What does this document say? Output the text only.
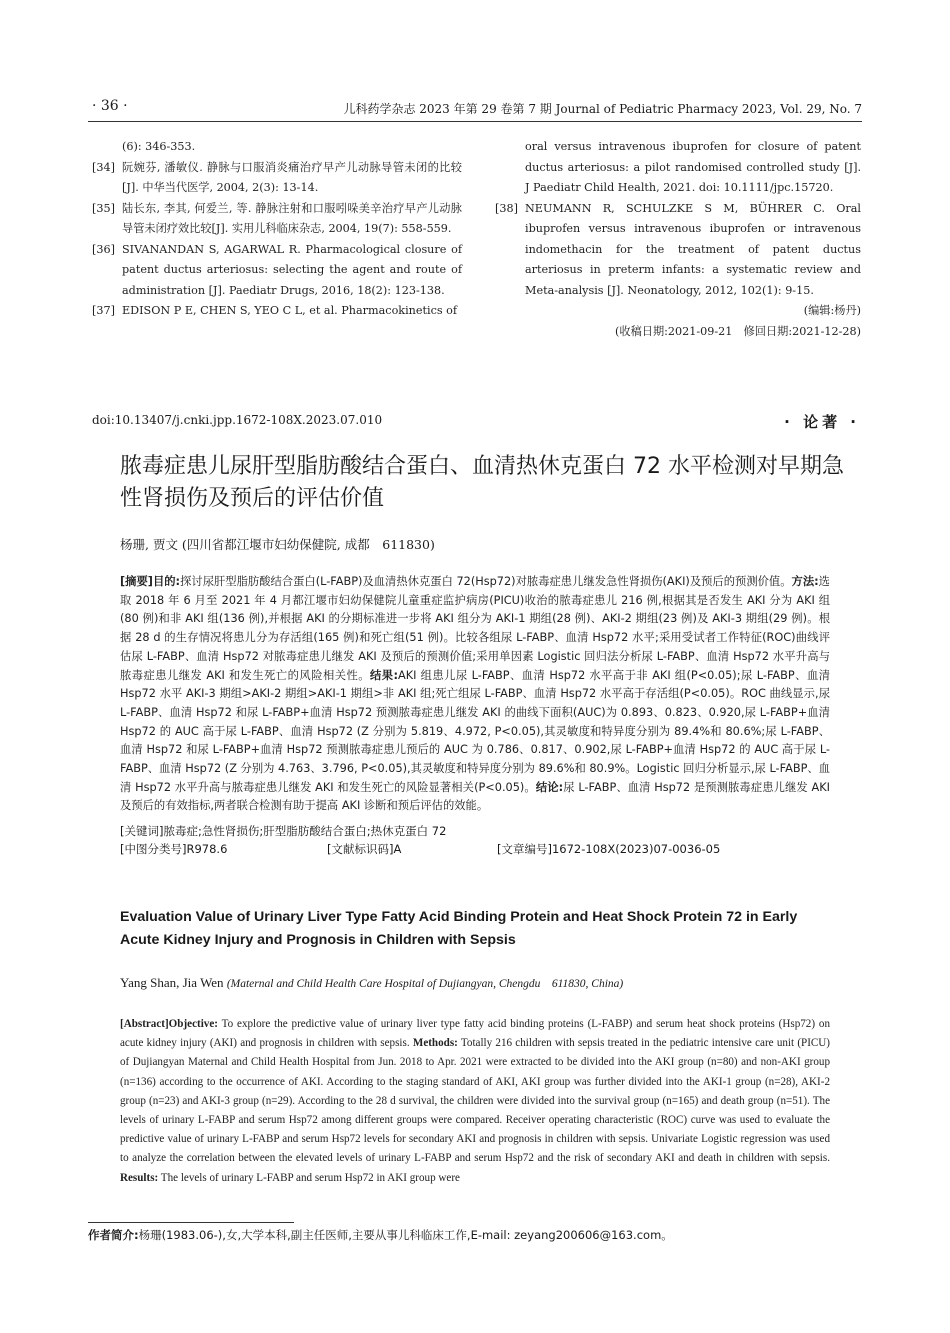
· 36 ·	儿科药学杂志 2023 年第 29 卷第 7 期 Journal of Pediatric Pharmacy 2023, Vol. 29, No. 7
(6): 346-353.
[34] 阮婉芬, 潘敏仪. 静脉与口服消炎痛治疗早产儿动脉导管未闭的比较[J]. 中华当代医学, 2004, 2(3): 13-14.
[35] 陆长东, 李其, 何爱兰, 等. 静脉注射和口服吲哚美辛治疗早产儿动脉导管未闭疗效比较[J]. 实用儿科临床杂志, 2004, 19(7): 558-559.
[36] SIVANANDAN S, AGARWAL R. Pharmacological closure of patent ductus arteriosus: selecting the agent and route of administration [J]. Paediatr Drugs, 2016, 18(2): 123-138.
[37] EDISON P E, CHEN S, YEO C L, et al. Pharmacokinetics of
oral versus intravenous ibuprofen for closure of patent ductus arteriosus: a pilot randomised controlled study [J]. J Paediatr Child Health, 2021. doi: 10.1111/jpc.15720.
[38] NEUMANN R, SCHULZKE S M, BÜHRER C. Oral ibuprofen versus intravenous ibuprofen or intravenous indomethacin for the treatment of patent ductus arteriosus in preterm infants: a systematic review and Meta-analysis [J]. Neonatology, 2012, 102(1): 9-15.
(编辑:杨丹)
(收稿日期:2021-09-21　修回日期:2021-12-28)
doi:10.13407/j.cnki.jpp.1672-108X.2023.07.010	· 论著 ·
脓毒症患儿尿肝型脂肪酸结合蛋白、血清热休克蛋白 72 水平检测对早期急性肾损伤及预后的评估价值
杨珊, 贾文 (四川省都江堰市妇幼保健院, 成都　611830)
[摘要]目的:探讨尿肝型脂肪酸结合蛋白(L-FABP)及血清热休克蛋白 72(Hsp72)对脓毒症患儿继发急性肾损伤(AKI)及预后的预测价值。方法:选取 2018 年 6 月至 2021 年 4 月都江堰市妇幼保健院儿童重症监护病房(PICU)收治的脓毒症患儿 216 例,根据其是否发生 AKI 分为 AKI 组(80 例)和非 AKI 组(136 例),并根据 AKI 的分期标准进一步将 AKI 组分为 AKI-1 期组(28 例)、AKI-2 期组(23 例)及 AKI-3 期组(29 例)。根据 28 d 的生存情况将患儿分为存活组(165 例)和死亡组(51 例)。比较各组尿 L-FABP、血清 Hsp72 水平;采用受试者工作特征(ROC)曲线评估尿 L-FABP、血清 Hsp72 对脓毒症患儿继发 AKI 及预后的预测价值;采用单因素 Logistic 回归法分析尿 L-FABP、血清 Hsp72 水平升高与脓毒症患儿继发 AKI 和发生死亡的风险相关性。结果:AKI 组患儿尿 L-FABP、血清 Hsp72 水平高于非 AKI 组(P<0.05);尿 L-FABP、血清 Hsp72 水平 AKI-3 期组>AKI-2 期组>AKI-1 期组>非 AKI 组;死亡组尿 L-FABP、血清 Hsp72 水平高于存活组(P<0.05)。ROC 曲线显示,尿 L-FABP、血清 Hsp72 和尿 L-FABP+血清 Hsp72 预测脓毒症患儿继发 AKI 的曲线下面积(AUC)为 0.893、0.823、0.920,尿 L-FABP+血清 Hsp72 的 AUC 高于尿 L-FABP、血清 Hsp72 (Z 分别为 5.819、4.972, P<0.05),其灵敏度和特异度分别为 89.4%和 80.6%;尿 L-FABP、血清 Hsp72 和尿 L-FABP+血清 Hsp72 预测脓毒症患儿预后的 AUC 为 0.786、0.817、0.902,尿 L-FABP+血清 Hsp72 的 AUC 高于尿 L-FABP、血清 Hsp72 (Z 分别为 4.763、3.796, P<0.05),其灵敏度和特异度分别为 89.6%和 80.9%。Logistic 回归分析显示,尿 L-FABP、血清 Hsp72 水平升高与脓毒症患儿继发 AKI 和发生死亡的风险显著相关(P<0.05)。结论:尿 L-FABP、血清 Hsp72 是预测脓毒症患儿继发 AKI 及预后的有效指标,两者联合检测有助于提高 AKI 诊断和预后评估的效能。
[关键词]脓毒症;急性肾损伤;肝型脂肪酸结合蛋白;热休克蛋白 72
[中图分类号]R978.6	[文献标识码]A	[文章编号]1672-108X(2023)07-0036-05
Evaluation Value of Urinary Liver Type Fatty Acid Binding Protein and Heat Shock Protein 72 in Early Acute Kidney Injury and Prognosis in Children with Sepsis
Yang Shan, Jia Wen (Maternal and Child Health Care Hospital of Dujiangyan, Chengdu　611830, China)
[Abstract]Objective: To explore the predictive value of urinary liver type fatty acid binding proteins (L-FABP) and serum heat shock proteins (Hsp72) on acute kidney injury (AKI) and prognosis in children with sepsis. Methods: Totally 216 children with sepsis treated in the pediatric intensive care unit (PICU) of Dujiangyan Maternal and Child Health Hospital from Jun. 2018 to Apr. 2021 were extracted to be divided into the AKI group (n=80) and non-AKI group (n=136) according to the occurrence of AKI. According to the staging standard of AKI, AKI group was further divided into the AKI-1 group (n=28), AKI-2 group (n=23) and AKI-3 group (n=29). According to the 28 d survival, the children were divided into the survival group (n=165) and death group (n=51). The levels of urinary L-FABP and serum Hsp72 among different groups were compared. Receiver operating characteristic (ROC) curve was used to evaluate the predictive value of urinary L-FABP and serum Hsp72 levels for secondary AKI and prognosis in children with sepsis. Univariate Logistic regression was used to analyze the correlation between the elevated levels of urinary L-FABP and serum Hsp72 and the risk of secondary AKI and death in children with sepsis. Results: The levels of urinary L-FABP and serum Hsp72 in AKI group were
作者简介:杨珊(1983.06-),女,大学本科,副主任医师,主要从事儿科临床工作,E-mail: zeyang200606@163.com。
